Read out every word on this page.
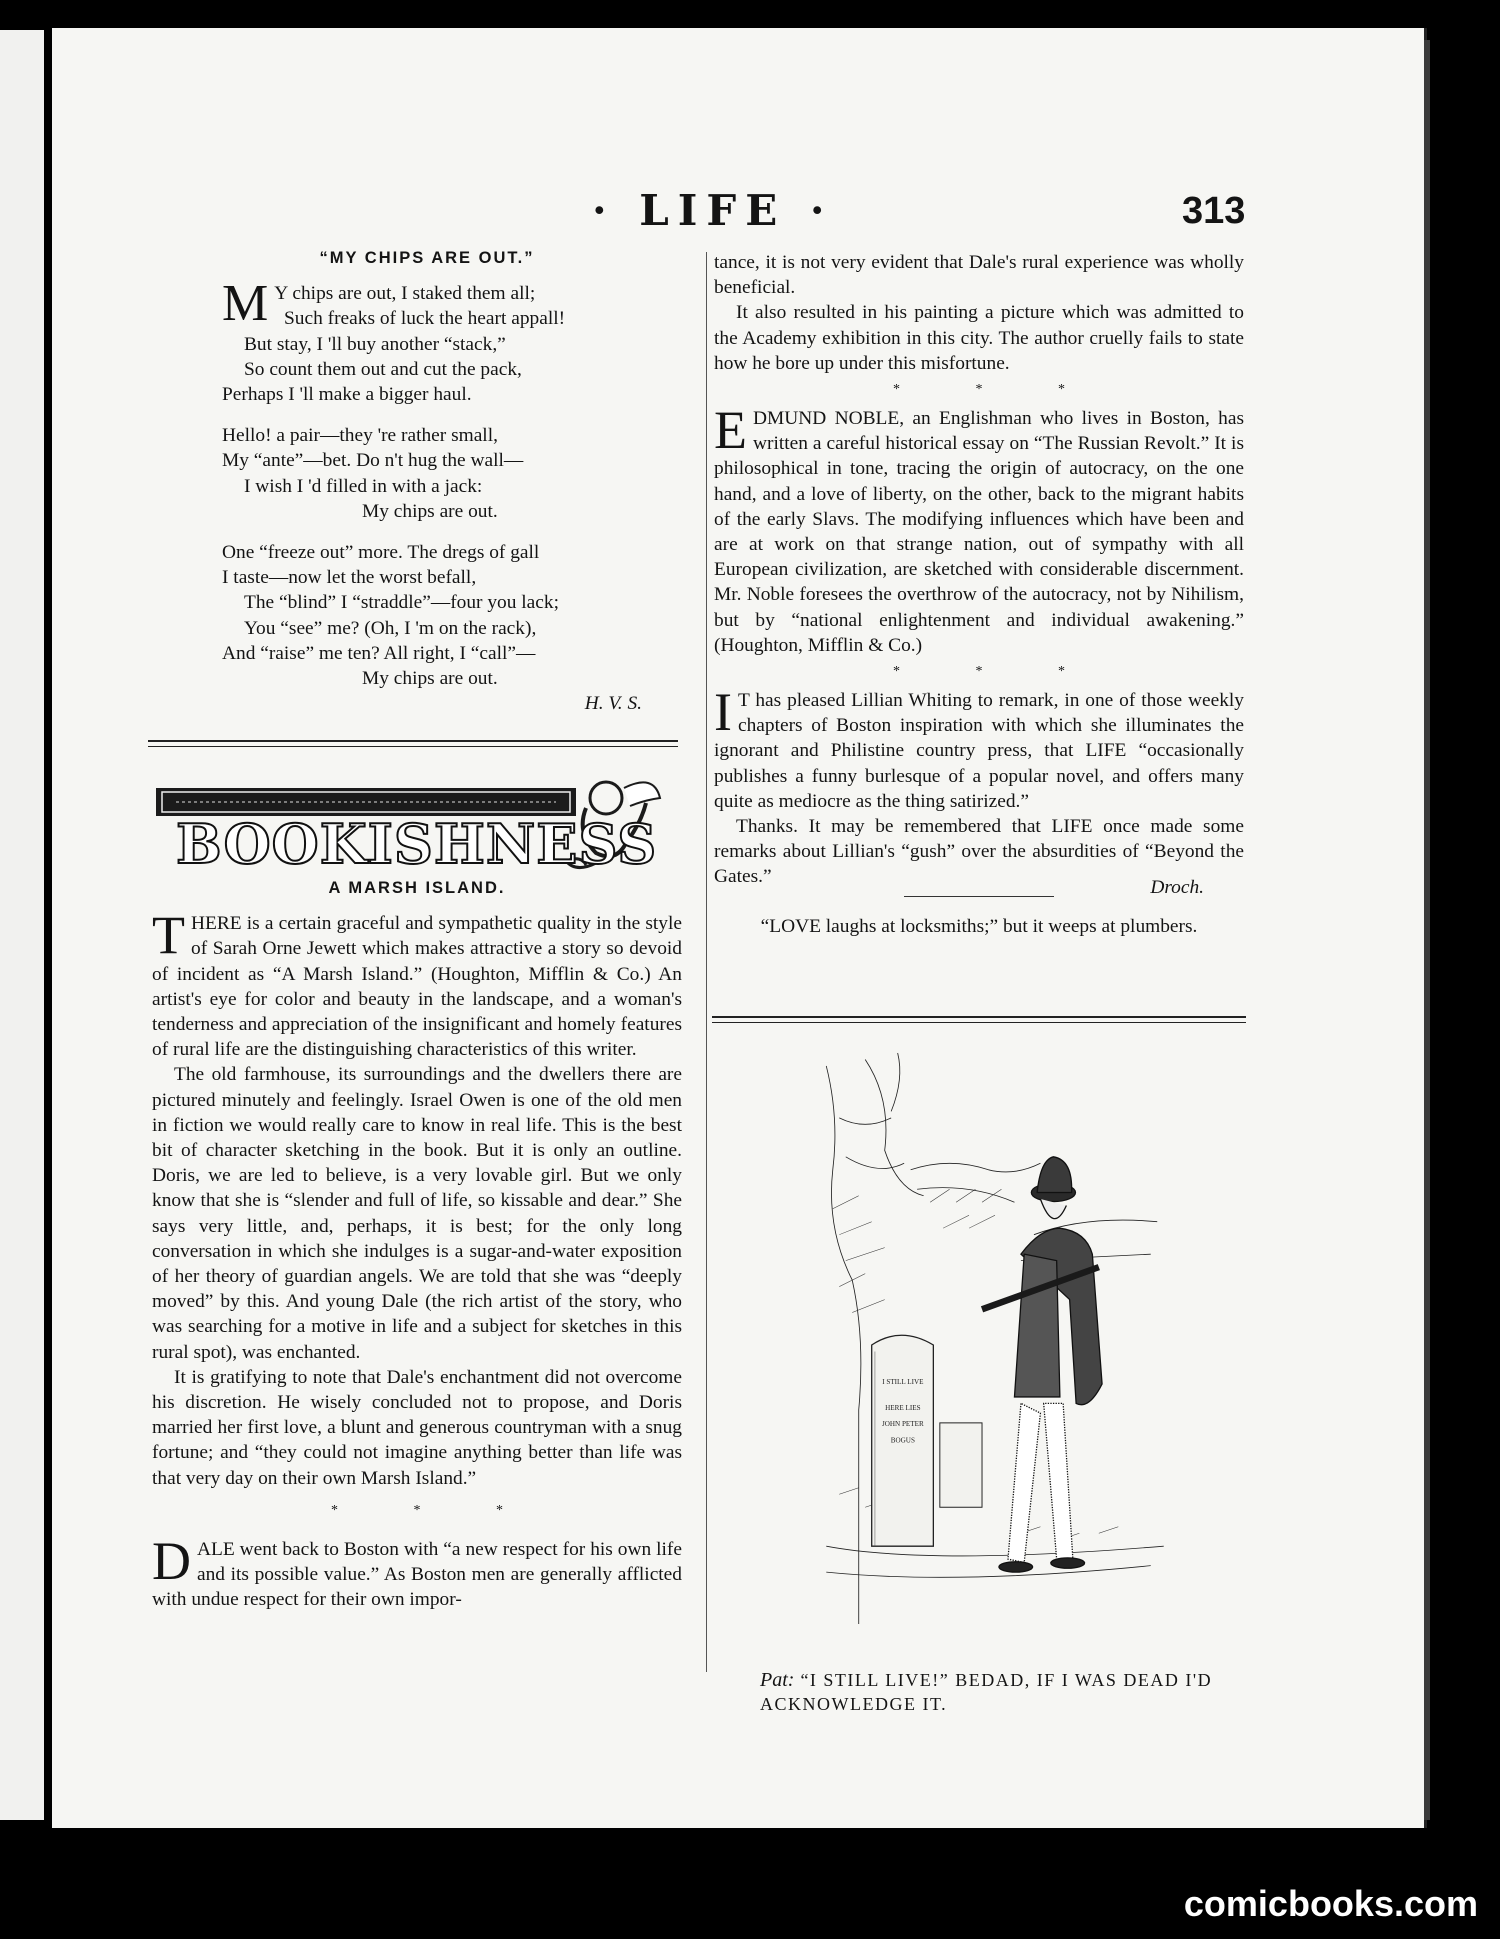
· LIFE ·	313
“MY CHIPS ARE OUT.”
M Y chips are out, I staked them all;
Such freaks of luck the heart appall!
But stay, I 'll buy another “stack,”
So count them out and cut the pack,
Perhaps I 'll make a bigger haul.
Hello! a pair—they 're rather small,
My “ante”—bet. Do n't hug the wall—
I wish I 'd filled in with a jack:
My chips are out.
One “freeze out” more. The dregs of gall
I taste—now let the worst befall,
The “blind” I “straddle”—four you lack;
You “see” me? (Oh, I 'm on the rack),
And “raise” me ten? All right, I “call”—
My chips are out.
H. V. S.
BOOKISHNESS
A MARSH ISLAND.

THERE is a certain graceful and sympathetic quality in the style of Sarah Orne Jewett which makes attractive a story so devoid of incident as “A Marsh Island.” (Houghton, Mifflin & Co.) An artist's eye for color and beauty in the landscape, and a woman's tenderness and appreciation of the insignificant and homely features of rural life are the distinguishing characteristics of this writer.

The old farmhouse, its surroundings and the dwellers there are pictured minutely and feelingly. Israel Owen is one of the old men in fiction we would really care to know in real life. This is the best bit of character sketching in the book. But it is only an outline. Doris, we are led to believe, is a very lovable girl. But we only know that she is “slender and full of life, so kissable and dear.” She says very little, and, perhaps, it is best; for the only long conversation in which she indulges is a sugar-and-water exposition of her theory of guardian angels. We are told that she was “deeply moved” by this. And young Dale (the rich artist of the story, who was searching for a motive in life and a subject for sketches in this rural spot), was enchanted.

It is gratifying to note that Dale's enchantment did not overcome his discretion. He wisely concluded not to propose, and Doris married her first love, a blunt and generous countryman with a snug fortune; and “they could not imagine anything better than life was that very day on their own Marsh Island.”

* * *

DALE went back to Boston with “a new respect for his own life and its possible value.” As Boston men are generally afflicted with undue respect for their own impor-

tance, it is not very evident that Dale's rural experience was wholly beneficial.

It also resulted in his painting a picture which was admitted to the Academy exhibition in this city. The author cruelly fails to state how he bore up under this misfortune.

* * *

EDMUND NOBLE, an Englishman who lives in Boston, has written a careful historical essay on “The Russian Revolt.” It is philosophical in tone, tracing the origin of autocracy, on the one hand, and a love of liberty, on the other, back to the migrant habits of the early Slavs. The modifying influences which have been and are at work on that strange nation, out of sympathy with all European civilization, are sketched with considerable discernment. Mr. Noble foresees the overthrow of the autocracy, not by Nihilism, but by “national enlightenment and individual awakening.” (Houghton, Mifflin & Co.)

* * *

I T has pleased Lillian Whiting to remark, in one of those weekly chapters of Boston inspiration with which she illuminates the ignorant and Philistine country press, that LIFE “occasionally publishes a funny burlesque of a popular novel, and offers many quite as mediocre as the thing satirized.”

Thanks. It may be remembered that LIFE once made some remarks about Lillian's “gush” over the absurdities of “Beyond the Gates.”	Droch.

“LOVE laughs at locksmiths;” but it weeps at plumbers.

I STILL LIVE
HERE LIES
JOHN PETER
BOGUS
Pat: “I STILL LIVE!” BEDAD, IF I WAS DEAD I'D ACKNOWLEDGE IT.
comicbooks.com
